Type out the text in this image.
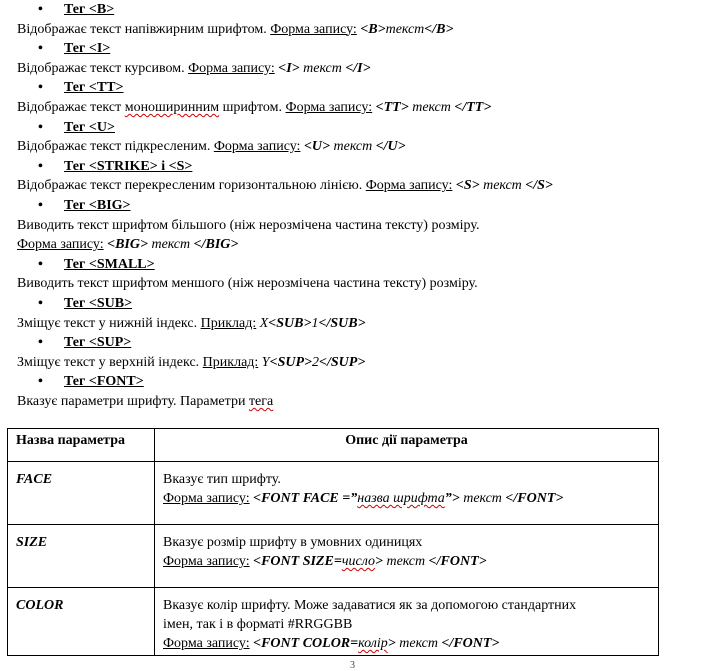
• Тег <B>
Відображає текст напівжирним шрифтом. Форма запису: <B>текст</B>
• Тег <I>
Відображає текст курсивом. Форма запису: <I> текст </I>
• Тег <TT>
Відображає текст моноширинним шрифтом. Форма запису: <TT> текст </TT>
• Тег <U>
Відображає текст підкресленим. Форма запису: <U> текст </U>
• Тег <STRIKE> і <S>
Відображає текст перекресленим горизонтальною лінією. Форма запису: <S> текст </S>
• Тег <BIG>
Виводить текст шрифтом більшого (ніж нерозмічена частина тексту) розміру.
Форма запису: <BIG> текст </BIG>
• Тег <SMALL>
Виводить текст шрифтом меншого (ніж нерозмічена частина тексту) розміру.
• Тег <SUB>
Зміщує текст у нижній індекс. Приклад: X<SUB>1</SUB>
• Тег <SUP>
Зміщує текст у верхній індекс. Приклад: Y<SUP>2</SUP>
• Тег <FONT>
Вказує параметри шрифту. Параметри тега
Назва параметра	Опис дії параметра
FACE	Вказує тип шрифту.
Форма запису: <FONT FACE =”назва шрифта”> текст </FONT>

SIZE	Вказує розмір шрифту в умовних одиницях
Форма запису: <FONT SIZE=число> текст </FONT>

COLOR	Вказує колір шрифту. Може задаватися як за допомогою стандартних
імен, так і в форматі #RRGGBB
Форма запису: <FONT COLOR=колір> текст </FONT>
3
